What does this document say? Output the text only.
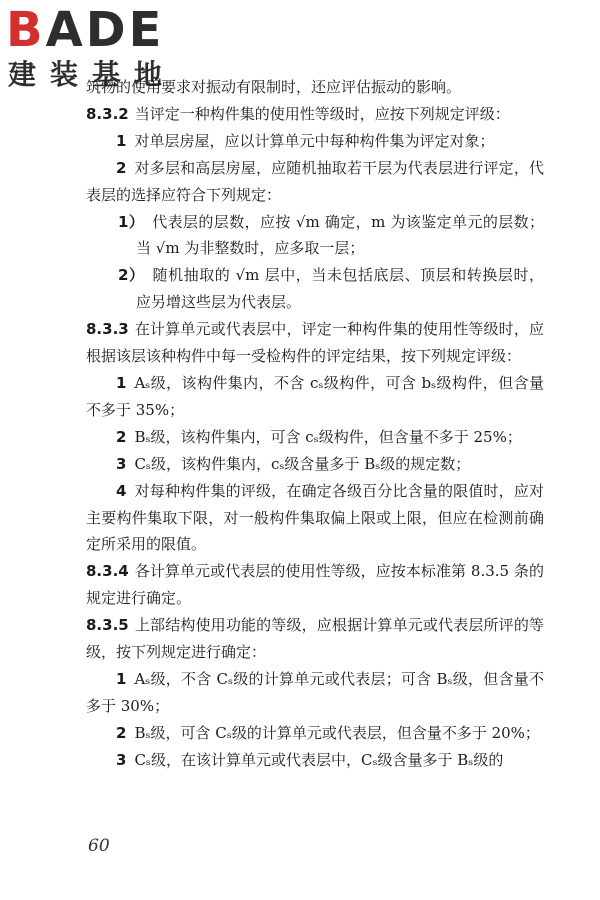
BADE
建装基地

筑物的使用要求对振动有限制时，还应评估振动的影响。

8.3.2 当评定一种构件集的使用性等级时，应按下列规定评级：

1 对单层房屋，应以计算单元中每种构件集为评定对象；

2 对多层和高层房屋，应随机抽取若干层为代表层进行评定，代表层的选择应符合下列规定：

1） 代表层的层数，应按 √m 确定，m 为该鉴定单元的层数；当 √m 为非整数时，应多取一层；

2） 随机抽取的 √m 层中，当未包括底层、顶层和转换层时，应另增这些层为代表层。

8.3.3 在计算单元或代表层中，评定一种构件集的使用性等级时，应根据该层该种构件中每一受检构件的评定结果，按下列规定评级：

1 Aₛ级，该构件集内，不含 cₛ级构件，可含 bₛ级构件，但含量不多于 35%；

2 Bₛ级，该构件集内，可含 cₛ级构件，但含量不多于 25%；

3 Cₛ级，该构件集内，cₛ级含量多于 Bₛ级的规定数；

4 对每种构件集的评级，在确定各级百分比含量的限值时，应对主要构件集取下限，对一般构件集取偏上限或上限，但应在检测前确定所采用的限值。

8.3.4 各计算单元或代表层的使用性等级，应按本标准第 8.3.5 条的规定进行确定。

8.3.5 上部结构使用功能的等级，应根据计算单元或代表层所评的等级，按下列规定进行确定：

1 Aₛ级，不含 Cₛ级的计算单元或代表层；可含 Bₛ级，但含量不多于 30%；

2 Bₛ级，可含 Cₛ级的计算单元或代表层，但含量不多于 20%；

3 Cₛ级，在该计算单元或代表层中，Cₛ级含量多于 Bₛ级的

60
